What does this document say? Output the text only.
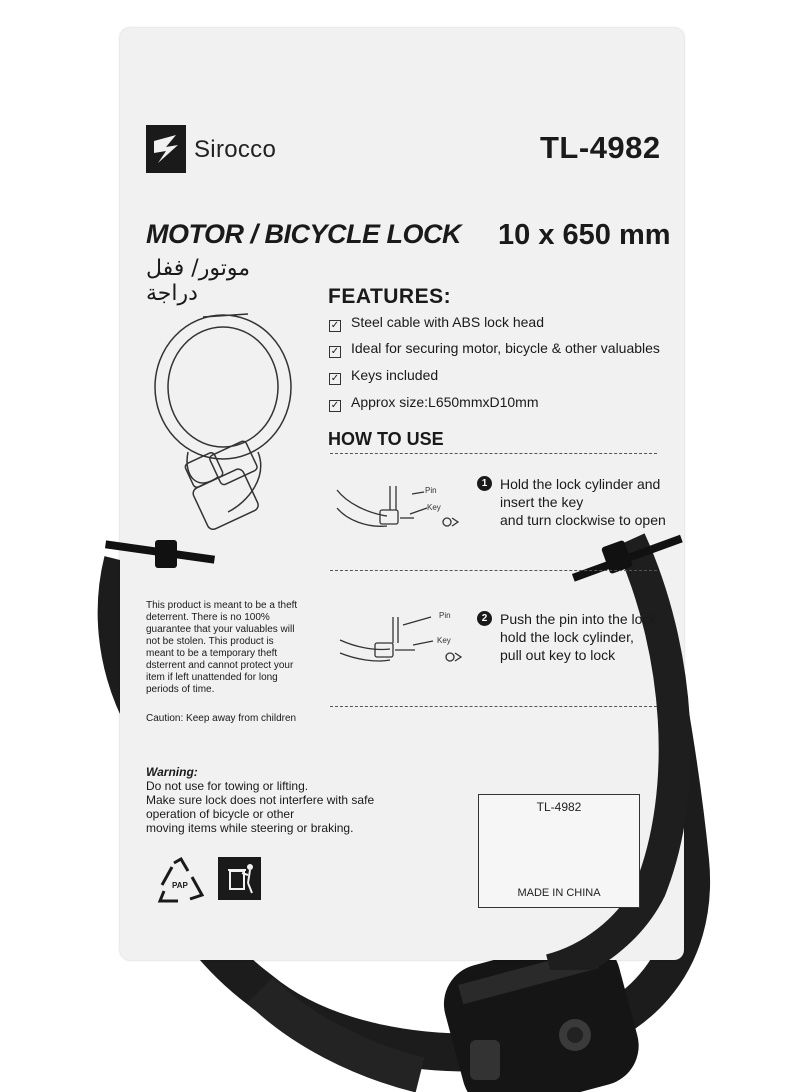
Sirocco	TL-4982
MOTOR / BICYCLE LOCK 10 x 650 mm
موتور/ ففل دراجة	FEATURES:
✓ Steel cable with ABS lock head
✓ Ideal for securing motor, bicycle & other valuables
✓ Keys included
✓ Approx size:L650mmxD10mm
HOW TO USE
Pin
Key
1 Hold the lock cylinder and
insert the key
and turn clockwise to open
Pin
Key
2 Push the pin into the lock,
hold the lock cylinder,
pull out key to lock
This product is meant to be a theft
deterrent. There is no 100%
guarantee that your valuables will
not be stolen. This product is
meant to be a temporary theft
dsterrent and cannot protect your
item if left unattended for long
periods of time.
Caution: Keep away from children
Warning:
Do not use for towing or lifting.
Make sure lock does not interfere with safe
operation of bicycle or other
moving items while steering or braking.
PAP
TL-4982
MADE IN CHINA
